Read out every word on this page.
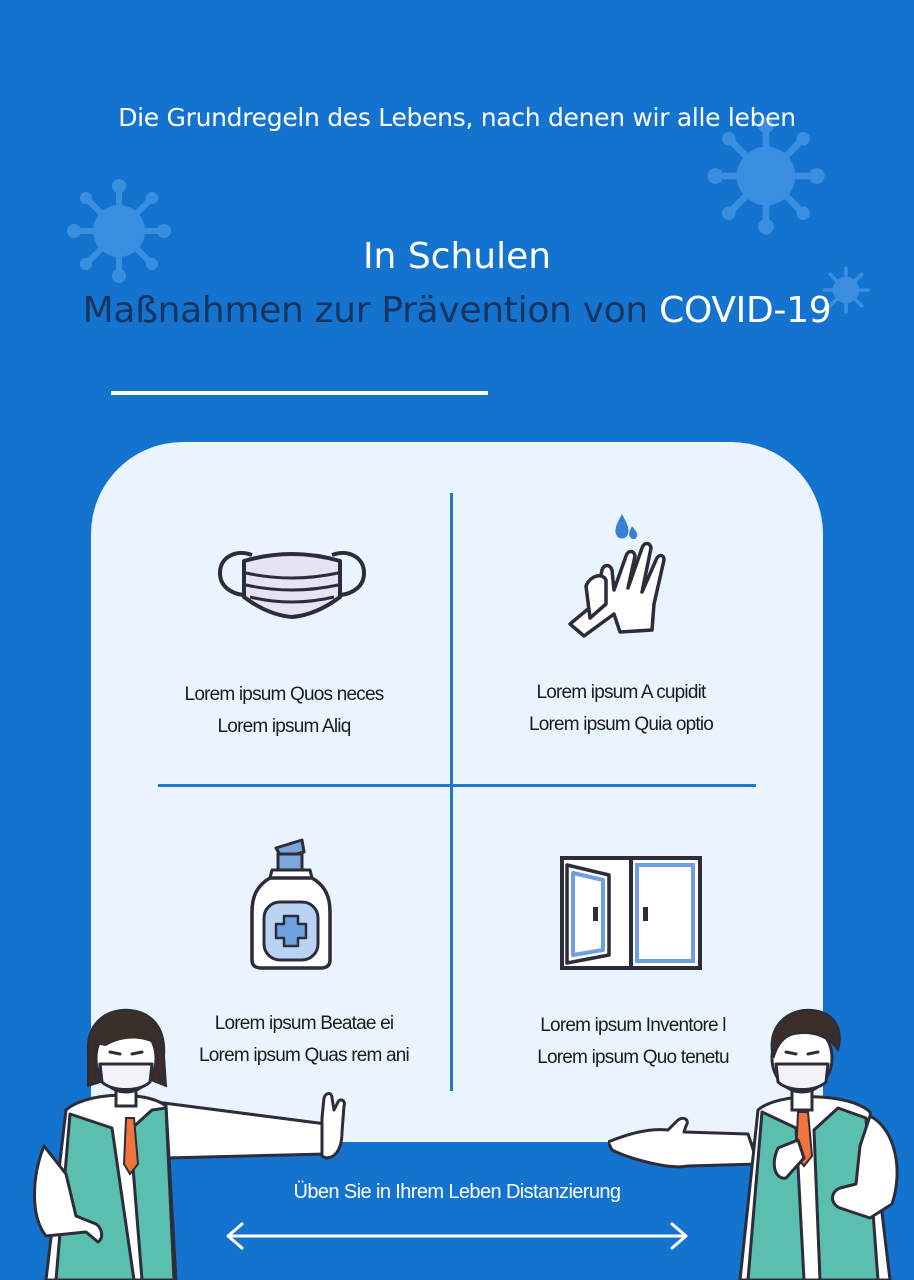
Die Grundregeln des Lebens, nach denen wir alle leben
In Schulen
Maßnahmen zur Prävention von COVID-19
Lorem ipsum Quos neces
Lorem ipsum Aliq
Lorem ipsum A cupidit
Lorem ipsum Quia optio
Lorem ipsum Beatae ei
Lorem ipsum Quas rem ani
Lorem ipsum Inventore l
Lorem ipsum Quo tenetu
Üben Sie in Ihrem Leben Distanzierung
